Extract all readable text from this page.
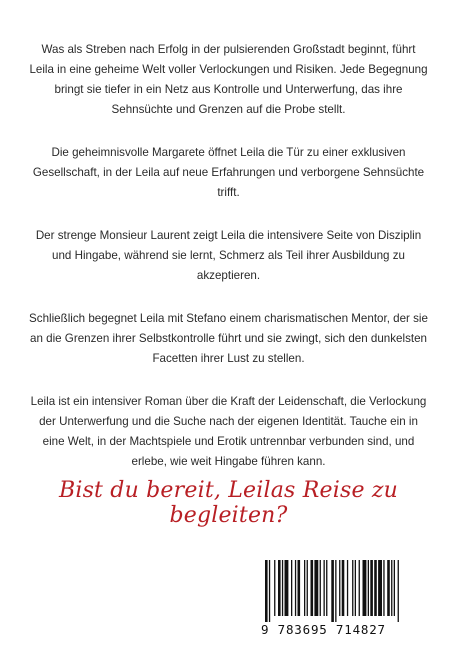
Was als Streben nach Erfolg in der pulsierenden Großstadt beginnt, führt Leila in eine geheime Welt voller Verlockungen und Risiken. Jede Begegnung bringt sie tiefer in ein Netz aus Kontrolle und Unterwerfung, das ihre Sehnsüchte und Grenzen auf die Probe stellt.

Die geheimnisvolle Margarete öffnet Leila die Tür zu einer exklusiven Gesellschaft, in der Leila auf neue Erfahrungen und verborgene Sehnsüchte trifft.

Der strenge Monsieur Laurent zeigt Leila die intensivere Seite von Disziplin und Hingabe, während sie lernt, Schmerz als Teil ihrer Ausbildung zu akzeptieren.

Schließlich begegnet Leila mit Stefano einem charismatischen Mentor, der sie an die Grenzen ihrer Selbstkontrolle führt und sie zwingt, sich den dunkelsten Facetten ihrer Lust zu stellen.

Leila ist ein intensiver Roman über die Kraft der Leidenschaft, die Verlockung der Unterwerfung und die Suche nach der eigenen Identität. Tauche ein in eine Welt, in der Machtspiele und Erotik untrennbar verbunden sind, und erlebe, wie weit Hingabe führen kann.

Bist du bereit, Leilas Reise zu begleiten?
9 783695 714827
